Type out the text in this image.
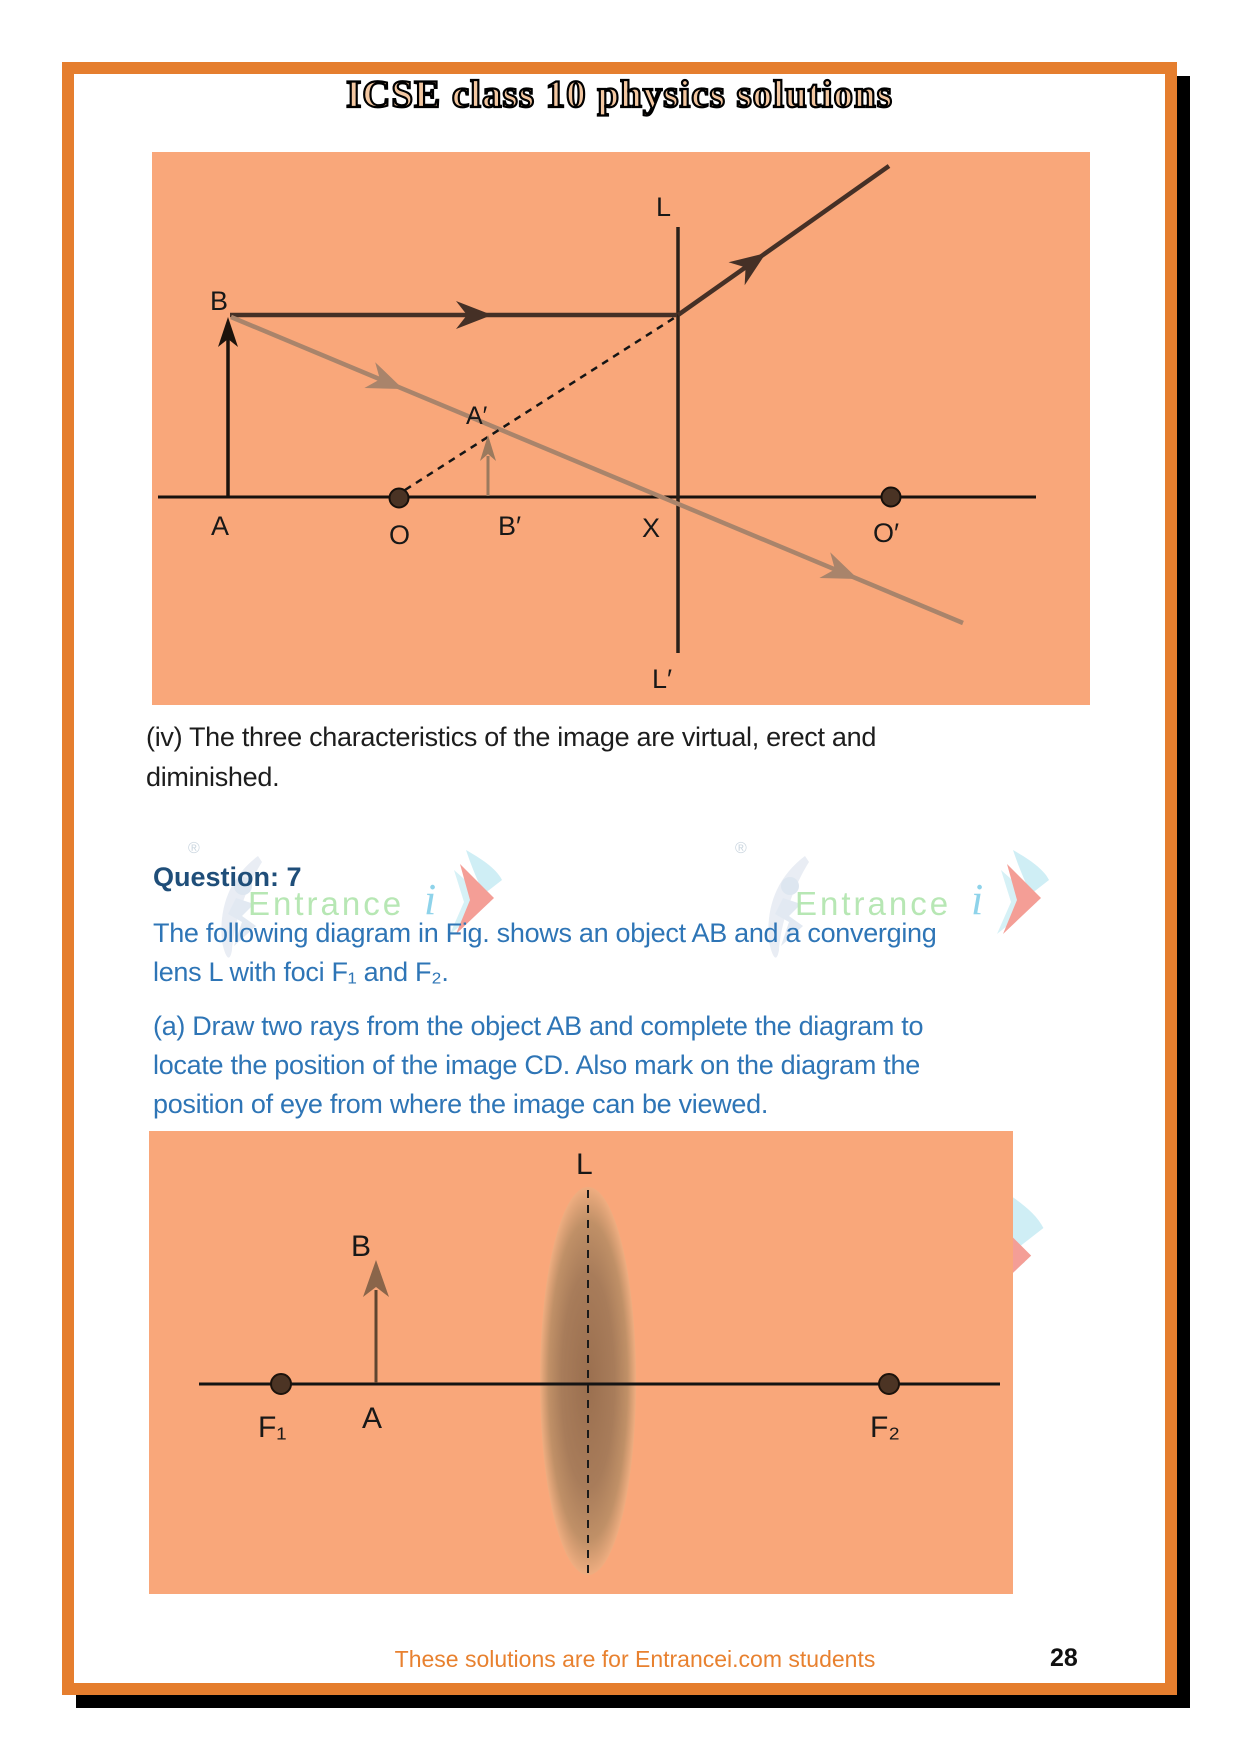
ICSE class 10 physics solutions
®
Entrance i
®
Entrance i
L
L′
B
A
A′
B′	X
O	O′
(iv) The three characteristics of the image are virtual, erect and
diminished.
Question: 7
The following diagram in Fig. shows an object AB and a converging
lens L with foci F₁ and F₂.
(a) Draw two rays from the object AB and complete the diagram to
locate the position of the image CD. Also mark on the diagram the
position of eye from where the image can be viewed.
L
B
A
F₁	F₂
These solutions are for Entrancei.com students	28
